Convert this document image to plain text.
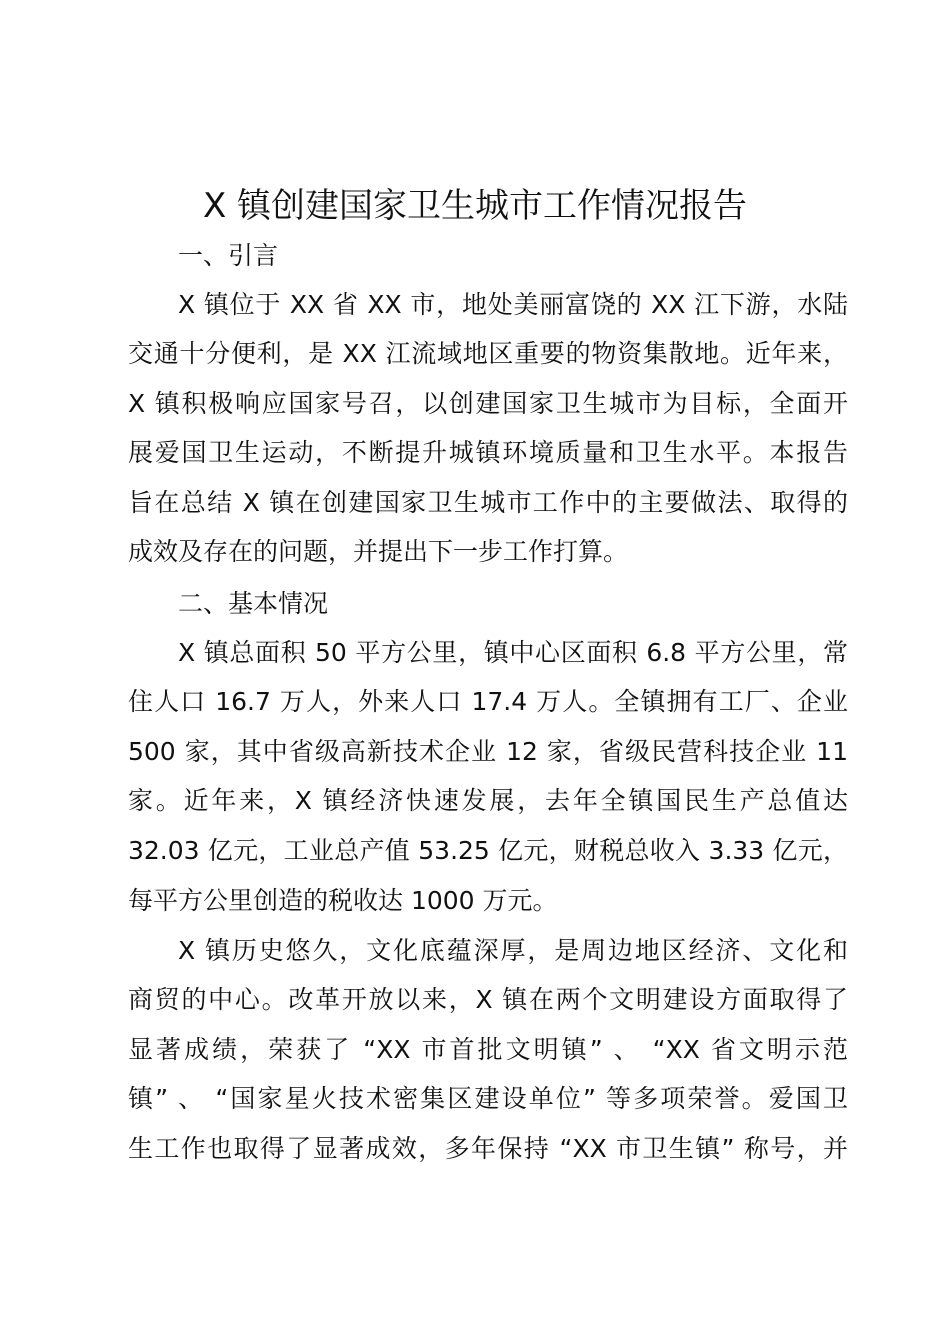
X 镇创建国家卫生城市工作情况报告

一、引言

X 镇位于 XX 省 XX 市，地处美丽富饶的 XX 江下游，水陆

交通十分便利，是 XX 江流域地区重要的物资集散地。近年来，

X 镇积极响应国家号召，以创建国家卫生城市为目标，全面开

展爱国卫生运动，不断提升城镇环境质量和卫生水平。本报告

旨在总结 X 镇在创建国家卫生城市工作中的主要做法、取得的

成效及存在的问题，并提出下一步工作打算。

二、基本情况

X 镇总面积 50 平方公里，镇中心区面积 6.8 平方公里，常

住人口 16.7 万人，外来人口 17.4 万人。全镇拥有工厂、企业

500 家，其中省级高新技术企业 12 家，省级民营科技企业 11

家。近年来，X 镇经济快速发展，去年全镇国民生产总值达

32.03 亿元，工业总产值 53.25 亿元，财税总收入 3.33 亿元，

每平方公里创造的税收达 1000 万元。

X 镇历史悠久，文化底蕴深厚，是周边地区经济、文化和

商贸的中心。改革开放以来，X 镇在两个文明建设方面取得了

显著成绩，荣获了 “XX 市首批文明镇” 、 “XX 省文明示范

镇” 、 “国家星火技术密集区建设单位” 等多项荣誉。爱国卫

生工作也取得了显著成效，多年保持 “XX 市卫生镇” 称号，并
